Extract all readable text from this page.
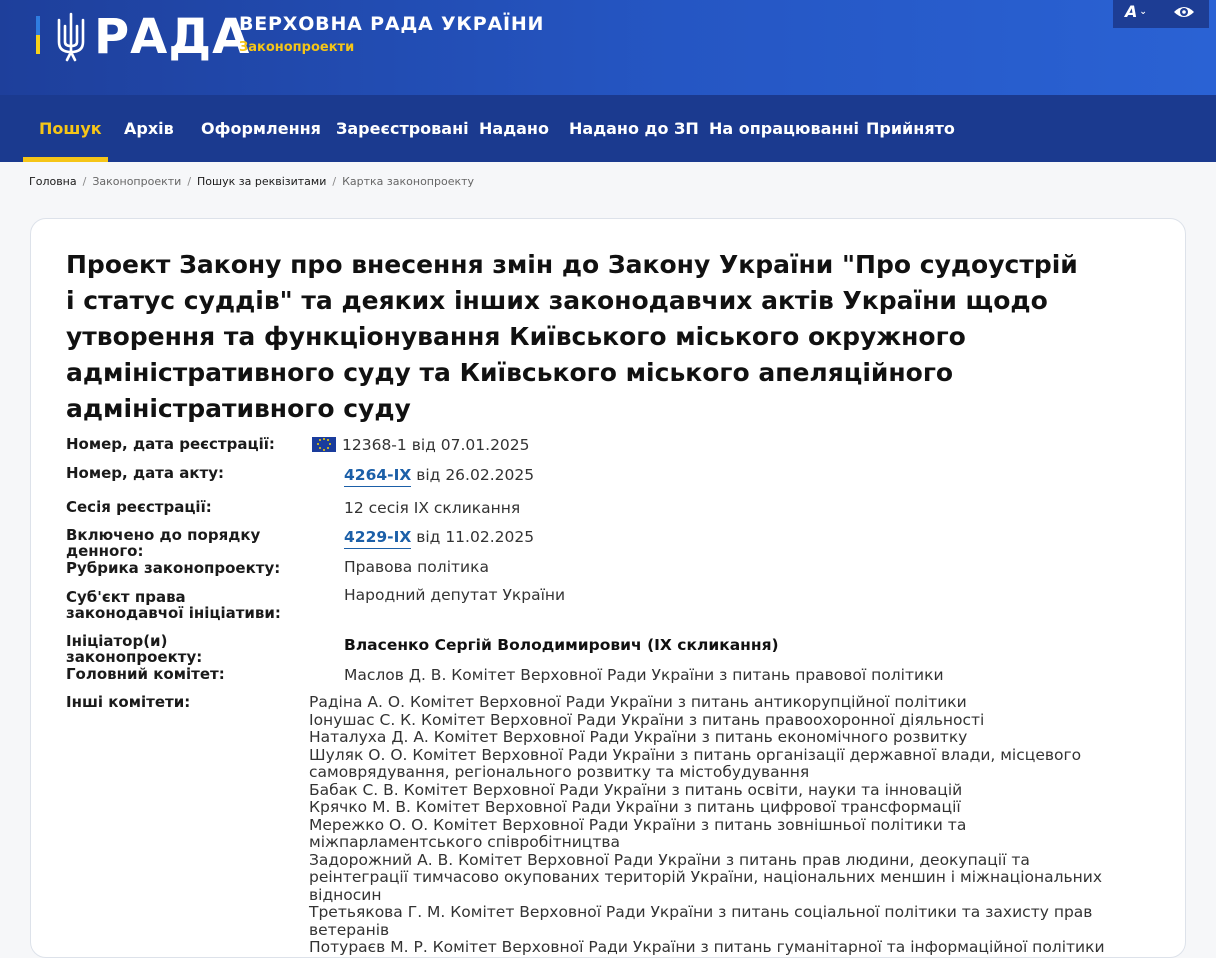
РАДА
ВЕРХОВНА РАДА УКРАЇНИ
Законопроекти
A ⌄
Пошук Архів Оформлення Зареєстровані Надано Надано до ЗП На опрацюванні Прийнято
Головна / Законопроекти / Пошук за реквізитами / Картка законопроекту
Проект Закону про внесення змін до Закону України "Про судоустрій і статус суддів" та деяких інших законодавчих актів України щодо утворення та функціонування Київського міського окружного адміністративного суду та Київського міського апеляційного адміністративного суду
Номер, дата реєстрації:	12368-1 від 07.01.2025
Номер, дата акту:	4264-IX від 26.02.2025
Сесія реєстрації:	12 сесія IX скликання
Включено до порядку денного:
4229-IX від 11.02.2025
Рубрика законопроекту:	Правова політика
Суб'єкт права законодавчої ініціативи:
Народний депутат України
Ініціатор(и) законопроекту:
Власенко Сергій Володимирович (IX скликання)
Головний комітет:	Маслов Д. В. Комітет Верховної Ради України з питань правової політики
Інші комітети:	Радіна А. О. Комітет Верховної Ради України з питань антикорупційної політики
Іонушас С. К. Комітет Верховної Ради України з питань правоохоронної діяльності
Наталуха Д. А. Комітет Верховної Ради України з питань економічного розвитку
Шуляк О. О. Комітет Верховної Ради України з питань організації державної влади, місцевого самоврядування, регіонального розвитку та містобудування
Бабак С. В. Комітет Верховної Ради України з питань освіти, науки та інновацій
Крячко М. В. Комітет Верховної Ради України з питань цифрової трансформації
Мережко О. О. Комітет Верховної Ради України з питань зовнішньої політики та міжпарламентського співробітництва
Задорожний А. В. Комітет Верховної Ради України з питань прав людини, деокупації та реінтеграції тимчасово окупованих територій України, національних меншин і міжнаціональних відносин
Третьякова Г. М. Комітет Верховної Ради України з питань соціальної політики та захисту прав ветеранів
Потураєв М. Р. Комітет Верховної Ради України з питань гуманітарної та інформаційної політики
